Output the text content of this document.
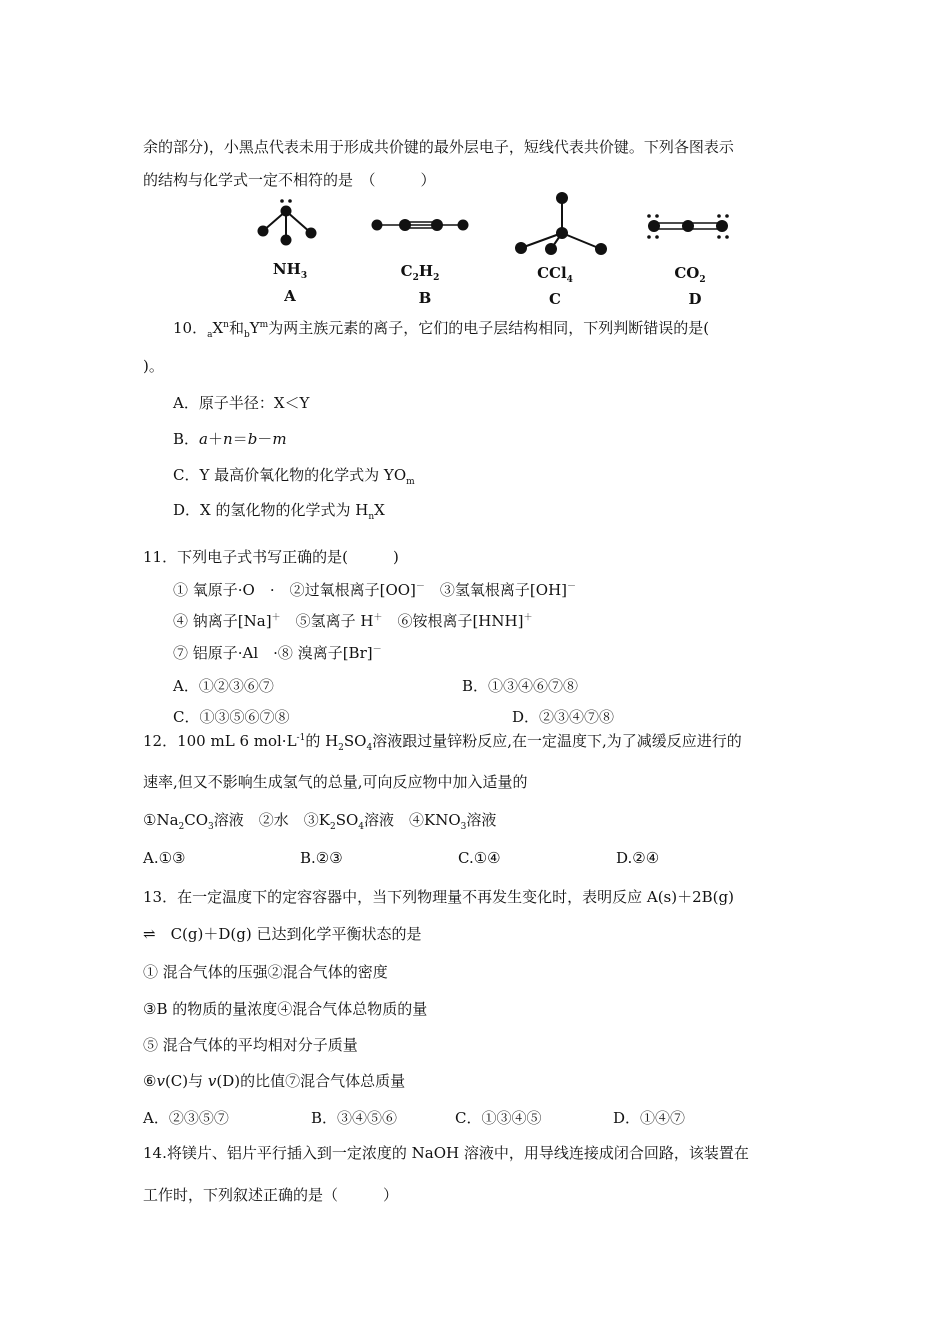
余的部分)，小黑点代表未用于形成共价键的最外层电子，短线代表共价键。下列各图表示
的结构与化学式一定不相符的是　（　　　）
$NH_3$	$C_2H_2$	CCl$_4$	$CO_2$
A	B	C	D
10．$_aX^n$和$_bY^m$为两主族元素的离子，它们的电子层结构相同，下列判断错误的是(
)。
A．原子半径：X＜Y
B．a＋n＝b－m
C．Y 最高价氧化物的化学式为 $YO_m$
D．X 的氢化物的化学式为 $H_nX$
11．下列电子式书写正确的是(　　　)
① 氧原子·O　·　②过氧根离子[OO]－　③氢氧根离子[OH]－
④ 钠离子[Na]＋　⑤氢离子 H＋　⑥铵根离子[HNH]＋
⑦ 铝原子·Al　·⑧ 溴离子[Br]－
A．①②③⑥⑦	B．①③④⑥⑦⑧
C．①③⑤⑥⑦⑧	D．②③④⑦⑧
12．100 mL 6 $mol\cdot L^{-1}$的 $H_2SO_4$溶液跟过量锌粉反应,在一定温度下,为了减缓反应进行的
速率,但又不影响生成氢气的总量,可向反应物中加入适量的
$①Na_2CO_3$溶液　②水　$③K_2SO_4$溶液　$④KNO_3$溶液
A.①③	B.②③	C.①④	D.②④
13．在一定温度下的定容容器中，当下列物理量不再发生变化时，表明反应 A(s)＋2B(g)
⇌　C(g)＋D(g) 已达到化学平衡状态的是
① 混合气体的压强②混合气体的密度
③B 的物质的量浓度④混合气体总物质的量
⑤ 混合气体的平均相对分子质量
⑥v(C)与 v(D)的比值⑦混合气体总质量
A．②③⑤⑦	B．③④⑤⑥	C．①③④⑤	D．①④⑦
14.将镁片、铝片平行插入到一定浓度的 NaOH 溶液中，用导线连接成闭合回路，该装置在
工作时，下列叙述正确的是（　　　）
